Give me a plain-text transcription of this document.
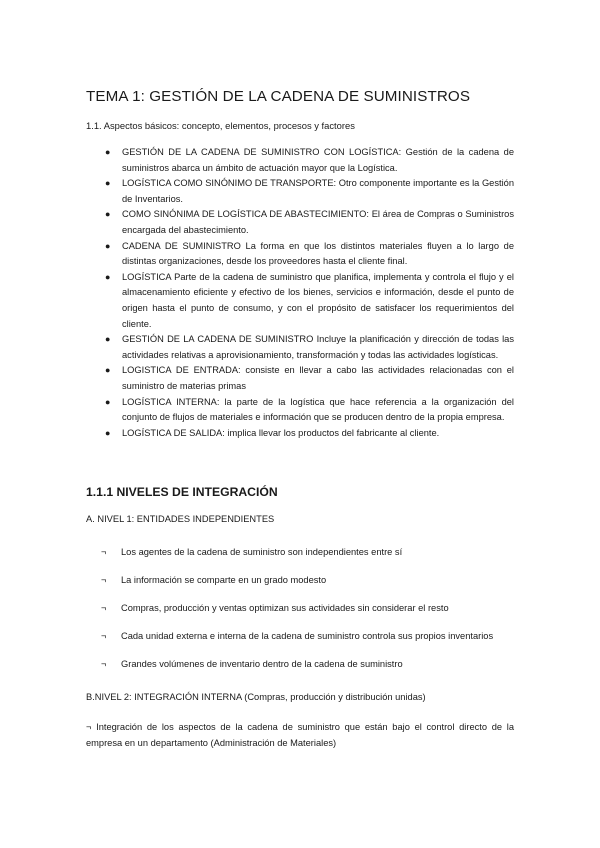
TEMA 1: GESTIÓN DE LA CADENA DE SUMINISTROS
1.1. Aspectos básicos: concepto, elementos, procesos y factores
● GESTIÓN DE LA CADENA DE SUMINISTRO CON LOGÍSTICA: Gestión de la cadena de suministros abarca un ámbito de actuación mayor que la Logística.
● LOGÍSTICA COMO SINÓNIMO DE TRANSPORTE: Otro componente importante es la Gestión de Inventarios.
● COMO SINÓNIMA DE LOGÍSTICA DE ABASTECIMIENTO: El área de Compras o Suministros encargada del abastecimiento.
● CADENA DE SUMINISTRO La forma en que los distintos materiales fluyen a lo largo de distintas organizaciones, desde los proveedores hasta el cliente final.
● LOGÍSTICA Parte de la cadena de suministro que planifica, implementa y controla el flujo y el almacenamiento eficiente y efectivo de los bienes, servicios e información, desde el punto de origen hasta el punto de consumo, y con el propósito de satisfacer los requerimientos del cliente.
● GESTIÓN DE LA CADENA DE SUMINISTRO Incluye la planificación y dirección de todas las actividades relativas a aprovisionamiento, transformación y todas las actividades logísticas.
● LOGISTICA DE ENTRADA: consiste en llevar a cabo las actividades relacionadas con el suministro de materias primas
● LOGÍSTICA INTERNA: la parte de la logística que hace referencia a la organización del conjunto de flujos de materiales e información que se producen dentro de la propia empresa.
● LOGÍSTICA DE SALIDA: implica llevar los productos del fabricante al cliente.
1.1.1 NIVELES DE INTEGRACIÓN
A. NIVEL 1: ENTIDADES INDEPENDIENTES
¬ Los agentes de la cadena de suministro son independientes entre sí
¬ La información se comparte en un grado modesto
¬ Compras, producción y ventas optimizan sus actividades sin considerar el resto
¬ Cada unidad externa e interna de la cadena de suministro controla sus propios inventarios
¬ Grandes volúmenes de inventario dentro de la cadena de suministro
B.NIVEL 2: INTEGRACIÓN INTERNA (Compras, producción y distribución unidas)
¬ Integración de los aspectos de la cadena de suministro que están bajo el control directo de la empresa en un departamento (Administración de Materiales)
